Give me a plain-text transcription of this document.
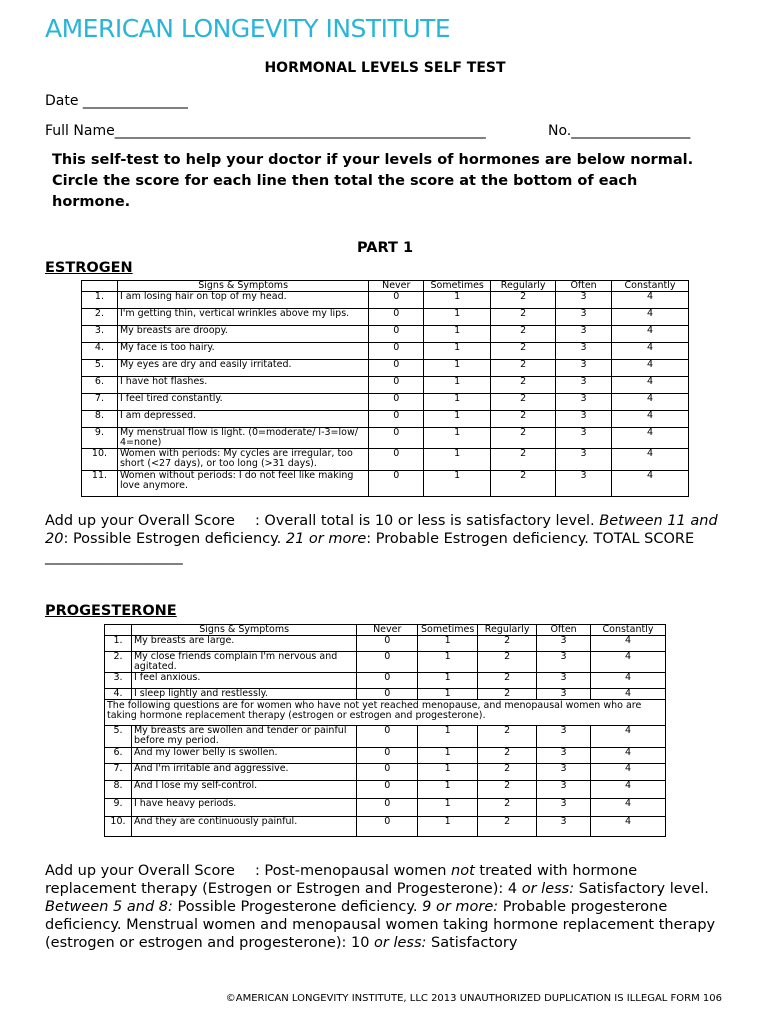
AMERICAN LONGEVITY INSTITUTE
HORMONAL LEVELS SELF TEST
Date _______________
Full Name_____________________________________________________	No._________________
This self-test to help your doctor if your levels of hormones are below normal. Circle the score for each line then total the score at the bottom of each hormone.
PART 1
ESTROGEN
	Signs & Symptoms	Never	Sometimes	Regularly	Often	Constantly
1.	I am losing hair on top of my head.	0	1	2	3	4
2.	I'm getting thin, vertical wrinkles above my lips.	0	1	2	3	4
3.	My breasts are droopy.	0	1	2	3	4
4.	My face is too hairy.	0	1	2	3	4
5.	My eyes are dry and easily irritated.	0	1	2	3	4
6.	I have hot flashes.	0	1	2	3	4
7.	I feel tired constantly.	0	1	2	3	4
8.	I am depressed.	0	1	2	3	4
9.	My menstrual flow is light. (0=moderate/ l-3=low/ 4=none)	0	1	2	3	4
10.	Women with periods: My cycles are irregular, too short (<27 days), or too long (>31 days).	0	1	2	3	4
11.	Women without periods: I do not feel like making love anymore.	0	1	2	3	4
Add up your Overall Score : Overall total is 10 or less is satisfactory level. Between 11 and 20: Possible Estrogen deficiency. 21 or more: Probable Estrogen deficiency. TOTAL SCORE ___________________
PROGESTERONE
	Signs & Symptoms	Never	Sometimes	Regularly	Often	Constantly
1.	My breasts are large.	0	1	2	3	4
2.	My close friends complain I'm nervous and agitated.	0	1	2	3	4
3.	I feel anxious.	0	1	2	3	4
4.	I sleep lightly and restlessly.	0	1	2	3	4
The following questions are for women who have not yet reached menopause, and menopausal women who are taking hormone replacement therapy (estrogen or estrogen and progesterone).						
5.	My breasts are swollen and tender or painful before my period.	0	1	2	3	4
6.	And my lower belly is swollen.	0	1	2	3	4
7.	And I'm irritable and aggressive.	0	1	2	3	4
8.	And I lose my self-control.	0	1	2	3	4
9.	I have heavy periods.	0	1	2	3	4
10.	And they are continuously painful.	0	1	2	3	4
Add up your Overall Score : Post-menopausal women not treated with hormone replacement therapy (Estrogen or Estrogen and Progesterone): 4 or less: Satisfactory level. Between 5 and 8: Possible Progesterone deficiency. 9 or more: Probable progesterone deficiency. Menstrual women and menopausal women taking hormone replacement therapy (estrogen or estrogen and progesterone): 10 or less: Satisfactory
©AMERICAN LONGEVITY INSTITUTE, LLC 2013 UNAUTHORIZED DUPLICATION IS ILLEGAL FORM 106
